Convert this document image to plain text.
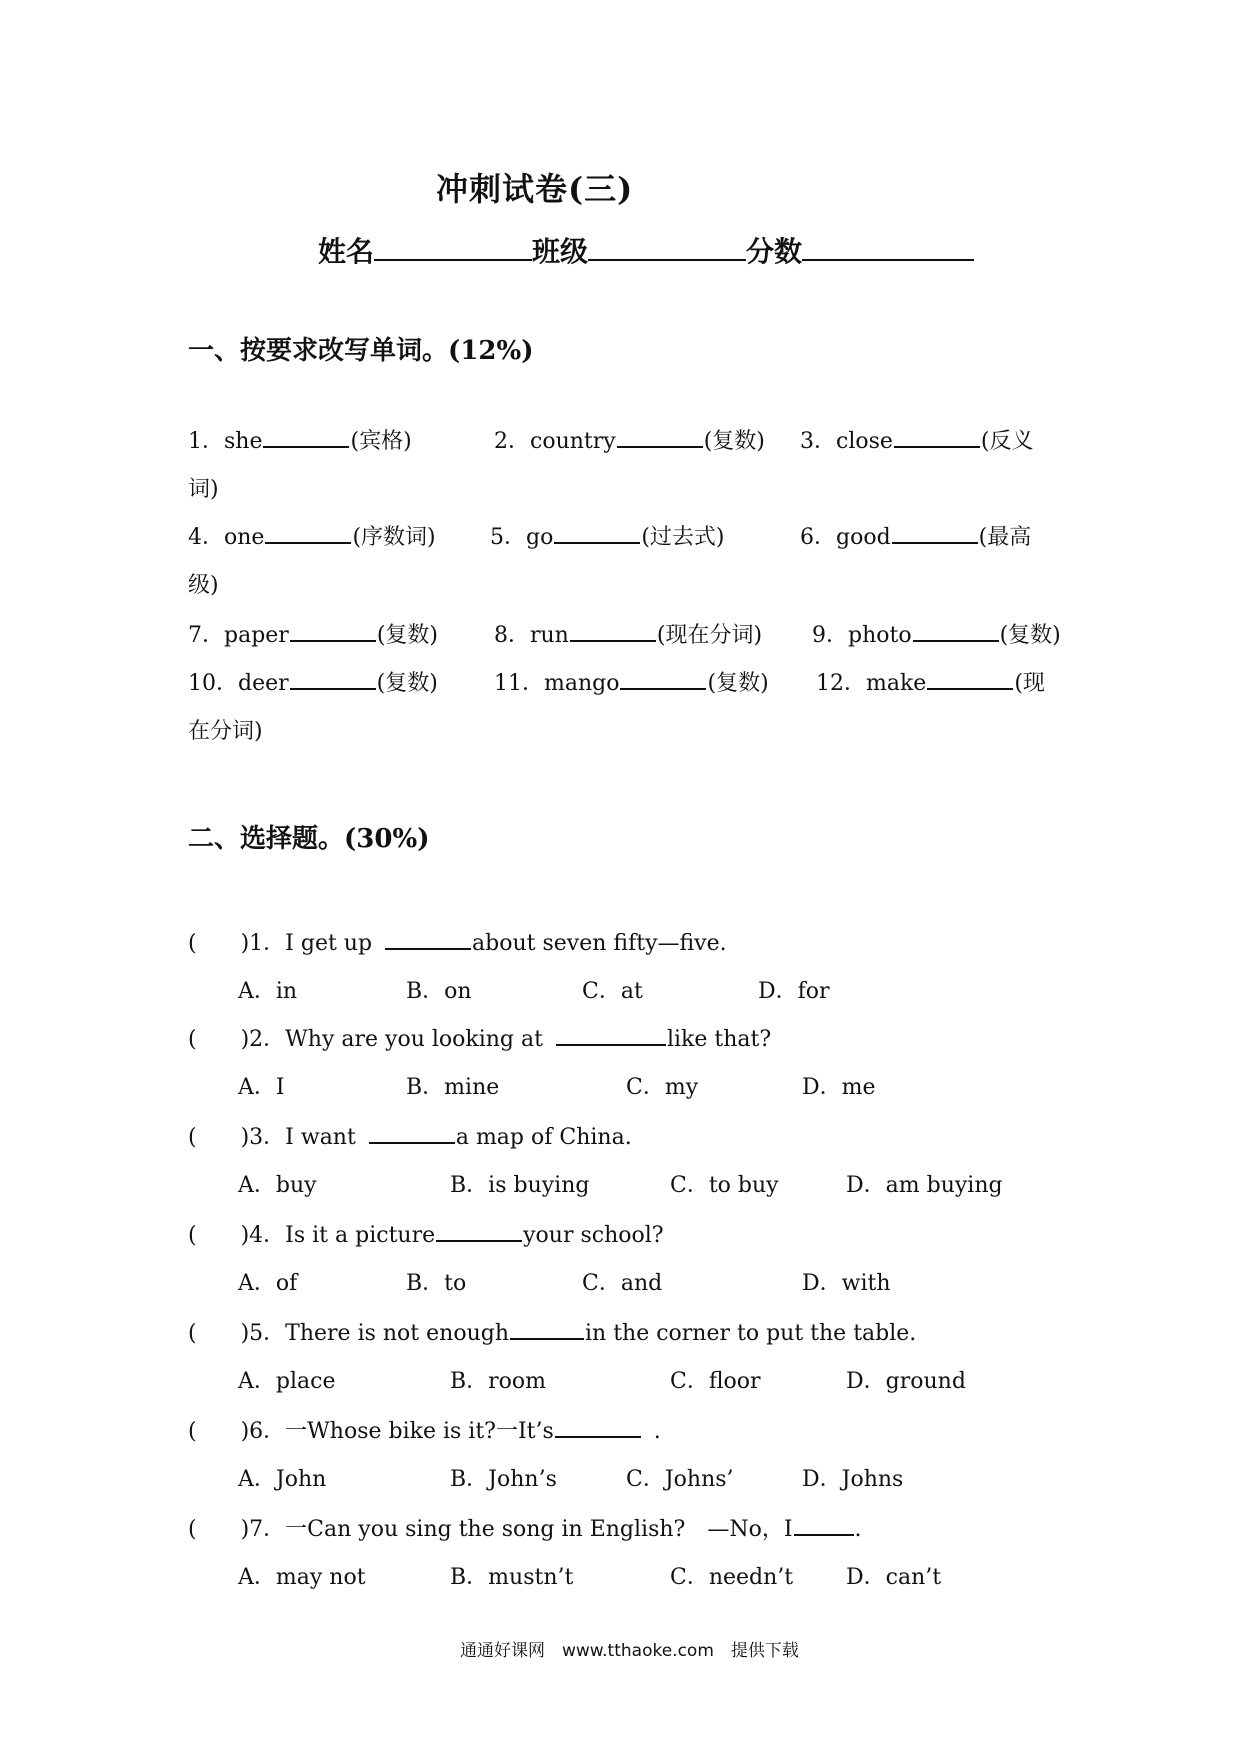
冲刺试卷(三)
姓名	班级	分数
一、按要求改写单词。(12%)
1．she	(宾格)	2．country	(复数) 3．close	(反义
词)
4．one	(序数词) 5．go	(过去式)	6．good	(最高
级)
7．paper	(复数)	8．run	(现在分词) 9．photo	(复数)
10．deer	(复数)	11．mango	(复数) 12．make	(现
在分词)
二、选择题。(30%)
( )1．I get up	about seven fifty—five.
A．in	B．on	C．at	D．for
( )2．Why are you looking at	like that?
A．I	B．mine	C．my	D．me
( )3．I want	a map of China.
A．buy	B．is buying	C．to buy	D．am buying
( )4．Is it a picture	your school?
A．of	B．to	C．and	D．with
( )5．There is not enough	in the corner to put the table.
A．place	B．room	C．floor	D．ground
( )6．一Whose bike is it?一It’s	.
A．John	B．John’s	C．Johns’	D．Johns
( )7．一Can you sing the song in English?　—No，I	.
A．may not	B．mustn’t	C．needn’t D．can’t
通通好课网　www.tthaoke.com　提供下载
